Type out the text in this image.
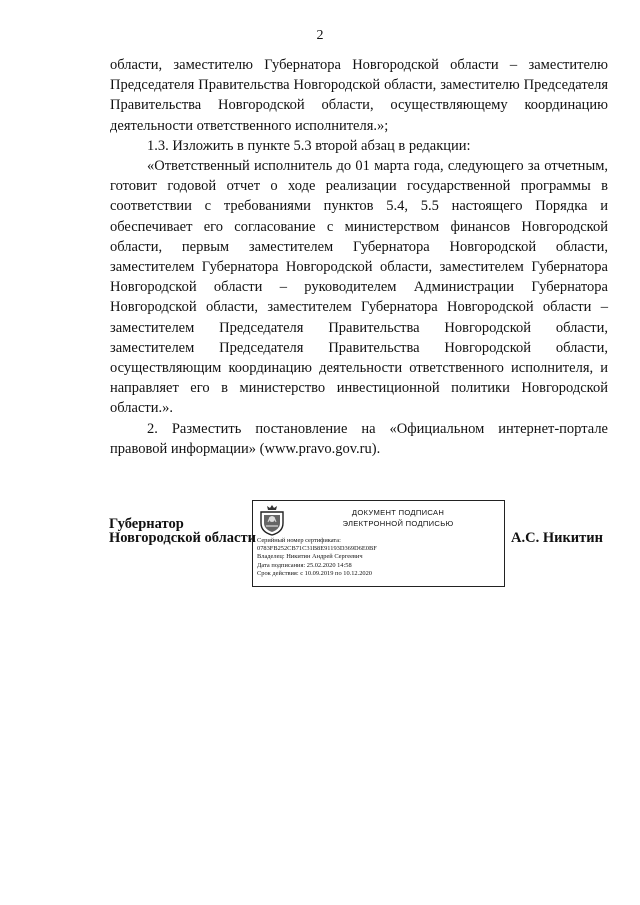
2

области, заместителю Губернатора Новгородской области – заместителю Председателя Правительства Новгородской области, заместителю Председателя Правительства Новгородской области, осуществляющему координацию деятельности ответственного исполнителя.»;

1.3. Изложить в пункте 5.3 второй абзац в редакции:

«Ответственный исполнитель до 01 марта года, следующего за отчетным, готовит годовой отчет о ходе реализации государственной программы в соответствии с требованиями пунктов 5.4, 5.5 настоящего Порядка и обеспечивает его согласование с министерством финансов Новгородской области, первым заместителем Губернатора Новгородской области, заместителем Губернатора Новгородской области, заместителем Губернатора Новгородской области – руководителем Администрации Губернатора Новгородской области, заместителем Губернатора Новгородской области – заместителем Председателя Правительства Новгородской области, заместителем Председателя Правительства Новгородской области, осуществляющим координацию деятельности ответственного исполнителя, и направляет его в министерство инвестиционной политики Новгородской области.».

2. Разместить постановление на «Официальном интернет-портале правовой информации» (www.pravo.gov.ru).

Губернатор
Новгородской области
ДОКУМЕНТ ПОДПИСАН
ЭЛЕКТРОННОЙ ПОДПИСЬЮ
Серийный номер сертификата:
0783FB252CB71C31B8E91193D369D6E0BF
Владелец: Никитин Андрей Сергеевич
Дата подписания: 25.02.2020 14:58
Срок действия: с 10.09.2019 по 10.12.2020
А.С. Никитин
